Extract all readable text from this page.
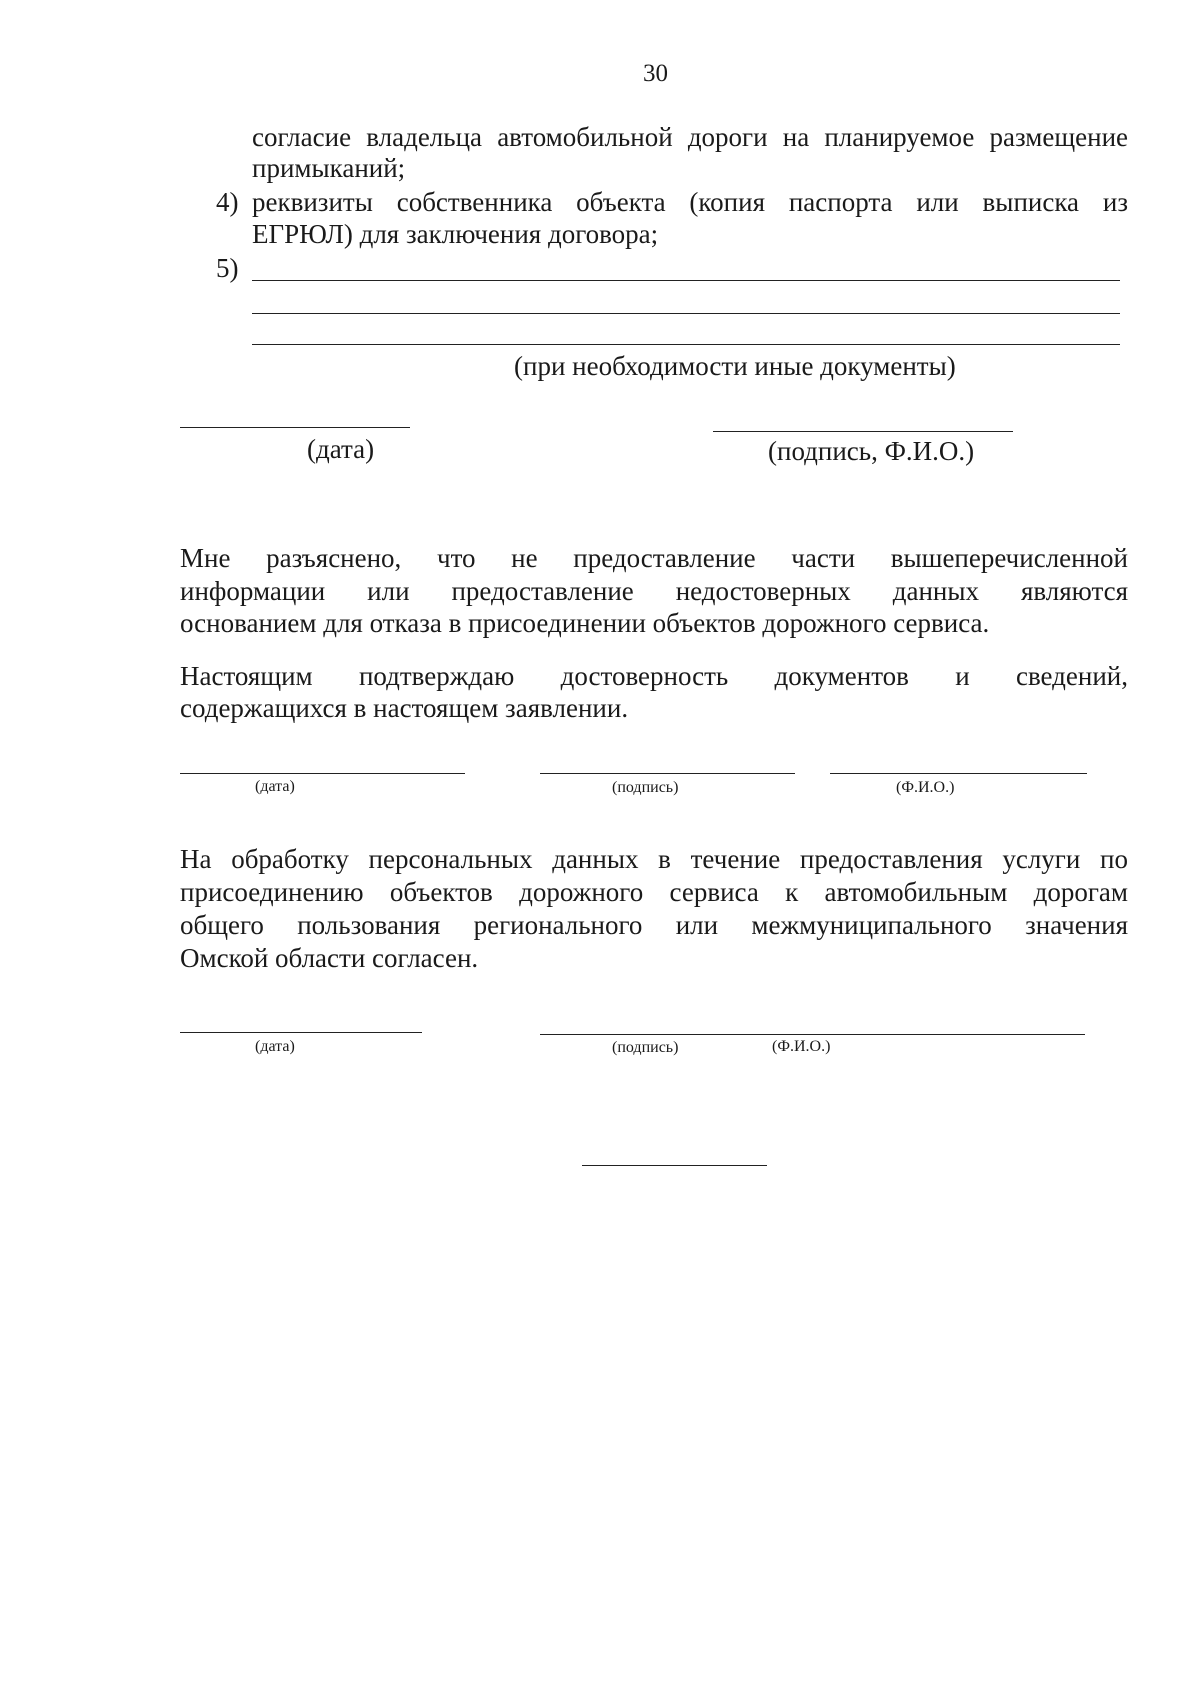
30
согласие владельца автомобильной дороги на планируемое размещение
примыканий;
4) реквизиты собственника объекта (копия паспорта или выписка из
ЕГРЮЛ) для заключения договора;
5)
(при необходимости иные документы)
(дата)	(подпись, Ф.И.О.)
Мне разъяснено, что не предоставление части вышеперечисленной
информации или предоставление недостоверных данных являются
основанием для отказа в присоединении объектов дорожного сервиса.
Настоящим подтверждаю достоверность документов и сведений,
содержащихся в настоящем заявлении.
(дата)	(подпись)	(Ф.И.О.)
На обработку персональных данных в течение предоставления услуги по
присоединению объектов дорожного сервиса к автомобильным дорогам
общего пользования регионального или межмуниципального значения
Омской области согласен.
(дата)	(подпись)	(Ф.И.О.)
